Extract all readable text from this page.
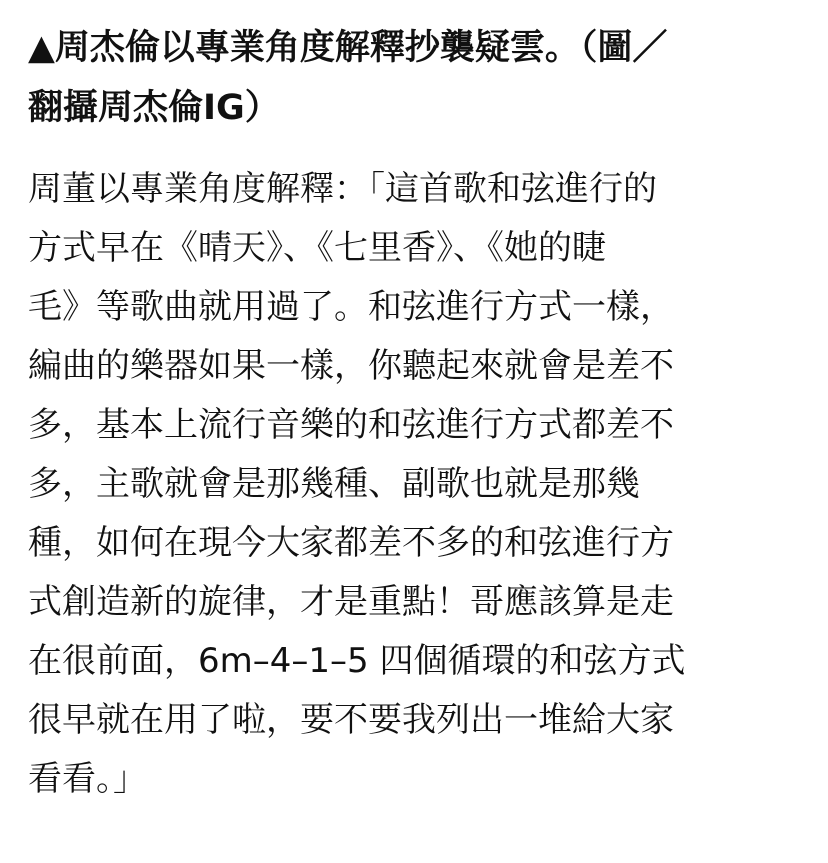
▲周杰倫以專業角度解釋抄襲疑雲。（圖／
翻攝周杰倫IG）
周董以專業角度解釋：「這首歌和弦進行的
方式早在《晴天》、《七里香》、《她的睫
毛》等歌曲就用過了。和弦進行方式一樣，
編曲的樂器如果一樣，你聽起來就會是差不
多，基本上流行音樂的和弦進行方式都差不
多，主歌就會是那幾種、副歌也就是那幾
種，如何在現今大家都差不多的和弦進行方
式創造新的旋律，才是重點！哥應該算是走
在很前面，6m–4–1–5 四個循環的和弦方式
很早就在用了啦，要不要我列出一堆給大家
看看。」
